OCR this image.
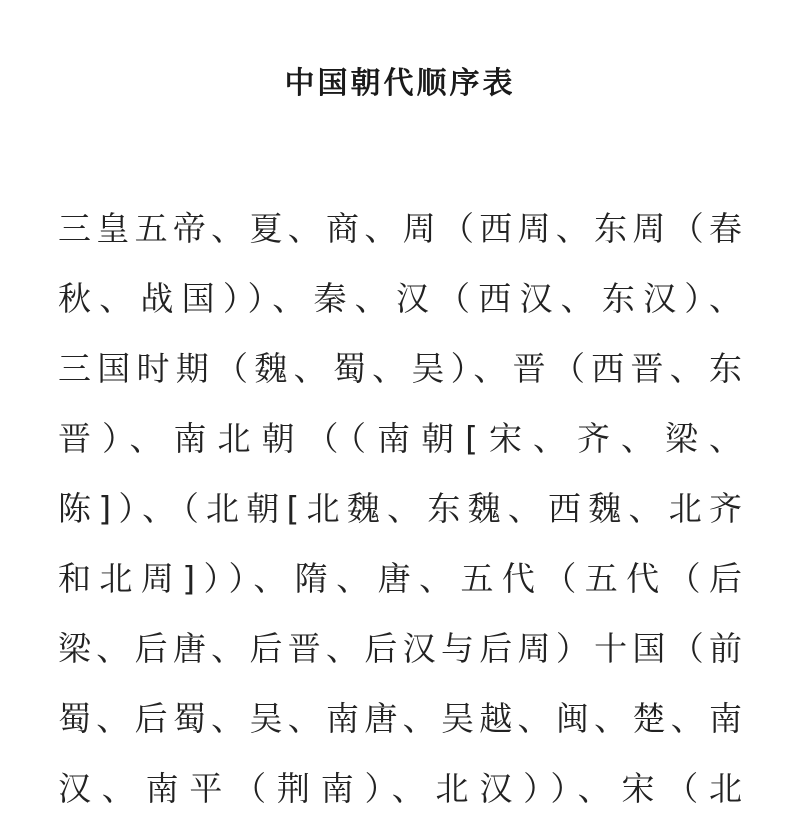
中国朝代顺序表
三皇五帝、夏、商、周（西周、东周（春
秋、战国））、秦、汉（西汉、东汉）、
三国时期（魏、蜀、吴）、晋（西晋、东
晋）、南北朝（（南朝[宋、齐、梁、
陈]）、（北朝[北魏、东魏、西魏、北齐
和北周]））、隋、唐、五代（五代（后
梁、后唐、后晋、后汉与后周）十国（前
蜀、后蜀、吴、南唐、吴越、闽、楚、南
汉、南平（荆南）、北汉））、宋（北
